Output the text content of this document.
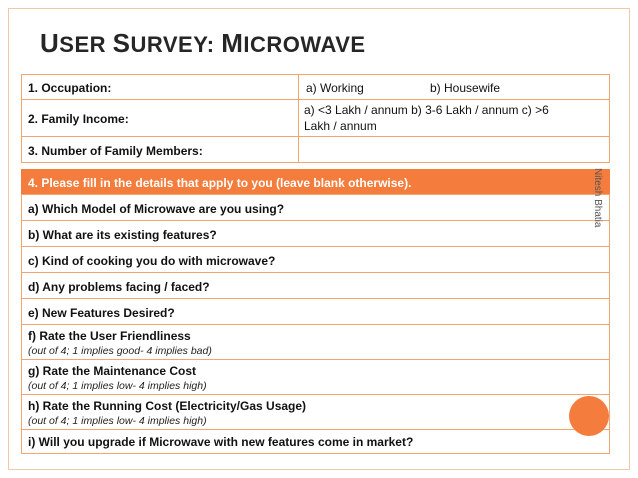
USER SURVEY: MICROWAVE
1. Occupation:	a) Working	b) Housewife
2. Family Income:
a) <3 Lakh / annum b) 3-6 Lakh / annum c) >6
Lakh / annum
3. Number of Family Members:
4. Please fill in the details that apply to you (leave blank otherwise).
a) Which Model of Microwave are you using?
b) What are its existing features?
c) Kind of cooking you do with microwave?
d) Any problems facing / faced?
e) New Features Desired?
f) Rate the User Friendliness
(out of 4; 1 implies good- 4 implies bad)
g) Rate the Maintenance Cost
(out of 4; 1 implies low- 4 implies high)
h) Rate the Running Cost (Electricity/Gas Usage)
(out of 4; 1 implies low- 4 implies high)
i) Will you upgrade if Microwave with new features come in market?
Nitesh Bhatia
